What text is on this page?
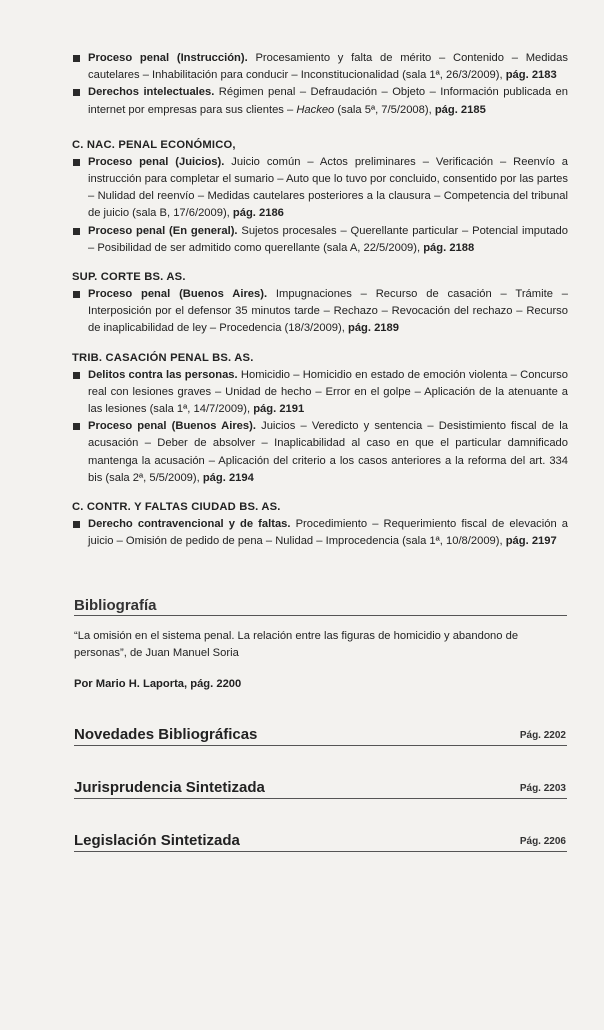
Proceso penal (Instrucción). Procesamiento y falta de mérito – Contenido – Medidas cautelares – Inhabilitación para conducir – Inconstitucionalidad (sala 1ª, 26/3/2009), pág. 2183
Derechos intelectuales. Régimen penal – Defraudación – Objeto – Información publicada en internet por empresas para sus clientes – Hackeo (sala 5ª, 7/5/2008), pág. 2185
C. NAC. PENAL ECONÓMICO,
Proceso penal (Juicios). Juicio común – Actos preliminares – Verificación – Reenvío a instrucción para completar el sumario – Auto que lo tuvo por concluido, consentido por las partes – Nulidad del reenvío – Medidas cautelares posteriores a la clausura – Competencia del tribunal de juicio (sala B, 17/6/2009), pág. 2186
Proceso penal (En general). Sujetos procesales – Querellante particular – Potencial imputado – Posibilidad de ser admitido como querellante (sala A, 22/5/2009), pág. 2188
SUP. CORTE BS. AS.
Proceso penal (Buenos Aires). Impugnaciones – Recurso de casación – Trámite – Interposición por el defensor 35 minutos tarde – Rechazo – Revocación del rechazo – Recurso de inaplicabilidad de ley – Procedencia (18/3/2009), pág. 2189
TRIB. CASACIÓN PENAL BS. AS.
Delitos contra las personas. Homicidio – Homicidio en estado de emoción violenta – Concurso real con lesiones graves – Unidad de hecho – Error en el golpe – Aplicación de la atenuante a las lesiones (sala 1ª, 14/7/2009), pág. 2191
Proceso penal (Buenos Aires). Juicios – Veredicto y sentencia – Desistimiento fiscal de la acusación – Deber de absolver – Inaplicabilidad al caso en que el particular damnificado mantenga la acusación – Aplicación del criterio a los casos anteriores a la reforma del art. 334 bis (sala 2ª, 5/5/2009), pág. 2194
C. CONTR. Y FALTAS CIUDAD BS. AS.
Derecho contravencional y de faltas. Procedimiento – Requerimiento fiscal de elevación a juicio – Omisión de pedido de pena – Nulidad – Improcedencia (sala 1ª, 10/8/2009), pág. 2197
Bibliografía
“La omisión en el sistema penal. La relación entre las figuras de homicidio y abandono de personas”, de Juan Manuel Soria
Por Mario H. Laporta, pág. 2200
Novedades Bibliográficas	Pág. 2202
Jurisprudencia Sintetizada	Pág. 2203
Legislación Sintetizada	Pág. 2206
